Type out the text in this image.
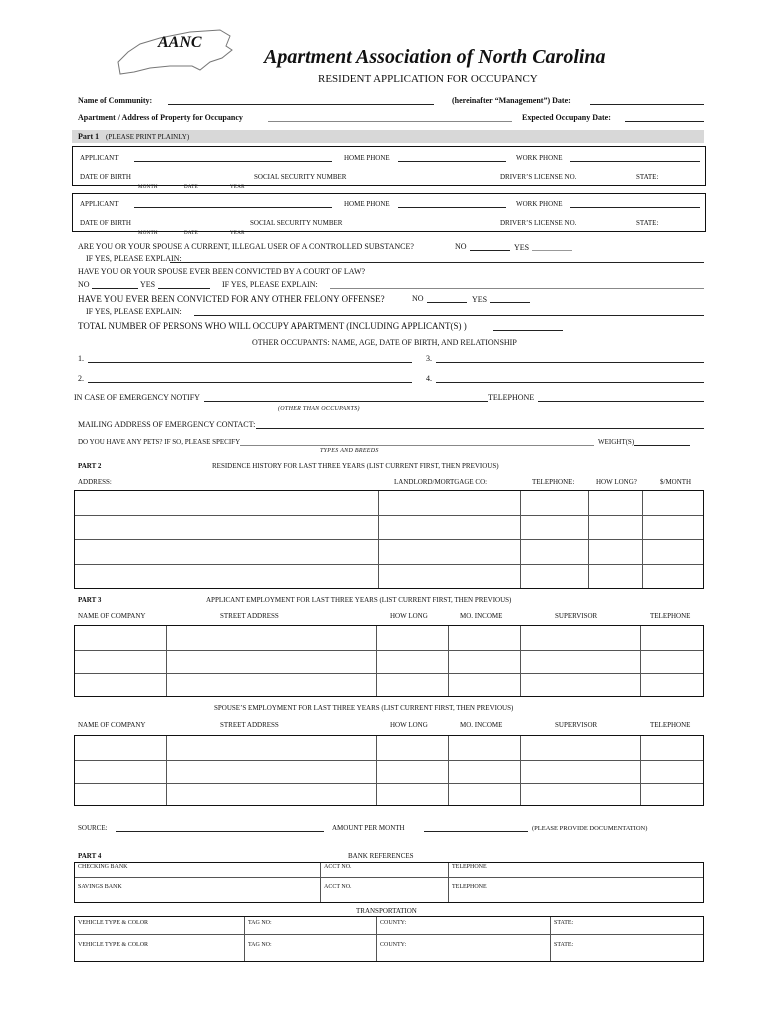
AANC
Apartment Association of North Carolina
RESIDENT APPLICATION FOR OCCUPANCY
Name of Community:	(hereinafter “Management”) Date:
Apartment / Address of Property for Occupancy	Expected Occupany Date:
Part 1 (PLEASE PRINT PLAINLY)
APPLICANT	HOME PHONE	WORK PHONE
DATE OF BIRTH	SOCIAL SECURITY NUMBER	DRIVER’S LICENSE NO.	STATE:
MONTH	DATE	YEAR
APPLICANT	HOME PHONE	WORK PHONE
DATE OF BIRTH	SOCIAL SECURITY NUMBER	DRIVER’S LICENSE NO.	STATE:
MONTH	DATE	YEAR
ARE YOU OR YOUR SPOUSE A CURRENT, ILLEGAL USER OF A CONTROLLED SUBSTANCE?	NO	YES
IF YES, PLEASE EXPLAIN:
HAVE YOU OR YOUR SPOUSE EVER BEEN CONVICTED BY A COURT OF LAW?
NO	YES	IF YES, PLEASE EXPLAIN:
HAVE YOU EVER BEEN CONVICTED FOR ANY OTHER FELONY OFFENSE?	NO	YES
IF YES, PLEASE EXPLAIN:
TOTAL NUMBER OF PERSONS WHO WILL OCCUPY APARTMENT (INCLUDING APPLICANT(S) )
OTHER OCCUPANTS: NAME, AGE, DATE OF BIRTH, AND RELATIONSHIP
1.	3.
2.	4.
IN CASE OF EMERGENCY NOTIFY	TELEPHONE
(OTHER THAN OCCUPANTS)
MAILING ADDRESS OF EMERGENCY CONTACT:
DO YOU HAVE ANY PETS? IF SO, PLEASE SPECIFY	WEIGHT(S)
TYPES AND BREEDS
PART 2	RESIDENCE HISTORY FOR LAST THREE YEARS (LIST CURRENT FIRST, THEN PREVIOUS)
ADDRESS:	LANDLORD/MORTGAGE CO:	TELEPHONE:	HOW LONG?	$/MONTH
PART 3	APPLICANT EMPLOYMENT FOR LAST THREE YEARS (LIST CURRENT FIRST, THEN PREVIOUS)
NAME OF COMPANY	STREET ADDRESS	HOW LONG	MO. INCOME	SUPERVISOR	TELEPHONE
SPOUSE’S EMPLOYMENT FOR LAST THREE YEARS (LIST CURRENT FIRST, THEN PREVIOUS)
NAME OF COMPANY	STREET ADDRESS	HOW LONG	MO. INCOME	SUPERVISOR	TELEPHONE
SOURCE:	AMOUNT PER MONTH	(PLEASE PROVIDE DOCUMENTATION)
PART 4	BANK REFERENCES
CHECKING BANK	ACCT NO.	TELEPHONE
SAVINGS BANK	ACCT NO.	TELEPHONE
TRANSPORTATION
VEHICLE TYPE & COLOR	TAG NO:	COUNTY:	STATE:
VEHICLE TYPE & COLOR	TAG NO:	COUNTY:	STATE:
